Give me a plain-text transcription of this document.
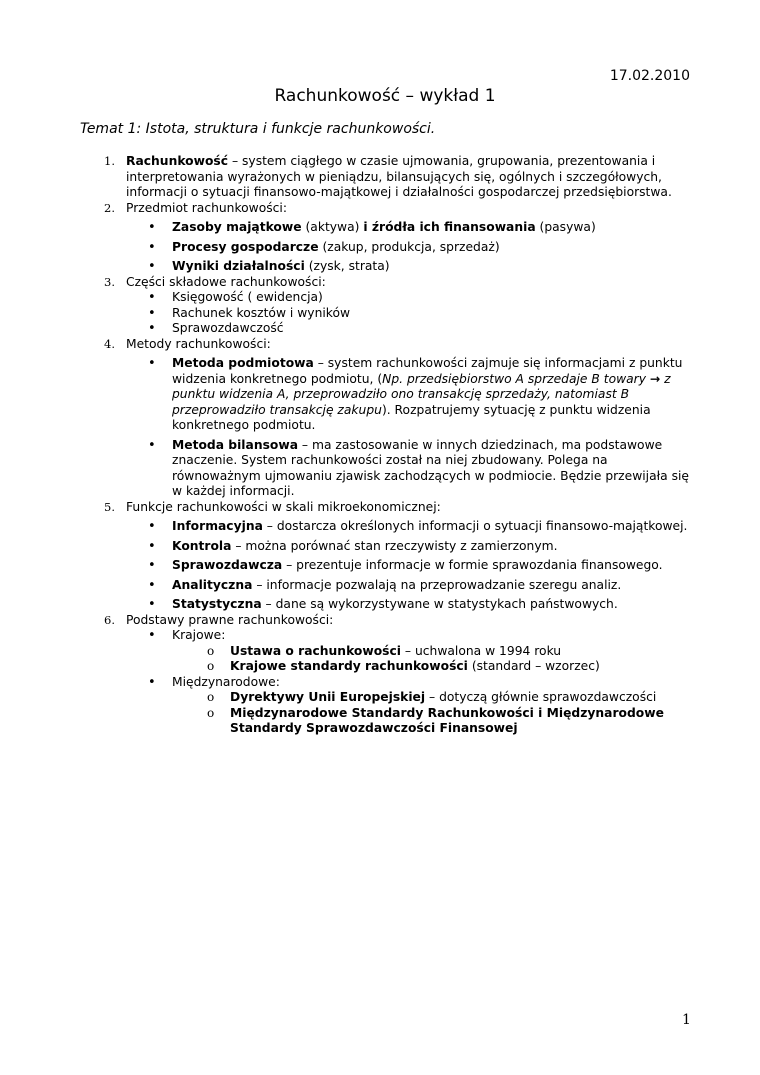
17.02.2010
Rachunkowość – wykład 1
Temat 1: Istota, struktura i funkcje rachunkowości.
1. Rachunkowość – system ciągłego w czasie ujmowania, grupowania, prezentowania i interpretowania wyrażonych w pieniądzu, bilansujących się, ogólnych i szczegółowych, informacji o sytuacji finansowo-majątkowej i działalności gospodarczej przedsiębiorstwa.
2. Przedmiot rachunkowości:
• Zasoby majątkowe (aktywa) i źródła ich finansowania (pasywa)
• Procesy gospodarcze (zakup, produkcja, sprzedaż)
• Wyniki działalności (zysk, strata)
3. Części składowe rachunkowości:
• Księgowość ( ewidencja)
• Rachunek kosztów i wyników
• Sprawozdawczość
4. Metody rachunkowości:
• Metoda podmiotowa – system rachunkowości zajmuje się informacjami z punktu widzenia konkretnego podmiotu, (Np. przedsiębiorstwo A sprzedaje B towary → z punktu widzenia A, przeprowadziło ono transakcję sprzedaży, natomiast B przeprowadziło transakcję zakupu). Rozpatrujemy sytuację z punktu widzenia konkretnego podmiotu.
• Metoda bilansowa – ma zastosowanie w innych dziedzinach, ma podstawowe znaczenie. System rachunkowości został na niej zbudowany. Polega na równoważnym ujmowaniu zjawisk zachodzących w podmiocie. Będzie przewijała się w każdej informacji.
5. Funkcje rachunkowości w skali mikroekonomicznej:
• Informacyjna – dostarcza określonych informacji o sytuacji finansowo-majątkowej.
• Kontrola – można porównać stan rzeczywisty z zamierzonym.
• Sprawozdawcza – prezentuje informacje w formie sprawozdania finansowego.
• Analityczna – informacje pozwalają na przeprowadzanie szeregu analiz.
• Statystyczna – dane są wykorzystywane w statystykach państwowych.
6. Podstawy prawne rachunkowości:
• Krajowe:
o Ustawa o rachunkowości – uchwalona w 1994 roku
o Krajowe standardy rachunkowości (standard – wzorzec)
• Międzynarodowe:
o Dyrektywy Unii Europejskiej – dotyczą głównie sprawozdawczości
o Międzynarodowe Standardy Rachunkowości i Międzynarodowe Standardy Sprawozdawczości Finansowej
1
